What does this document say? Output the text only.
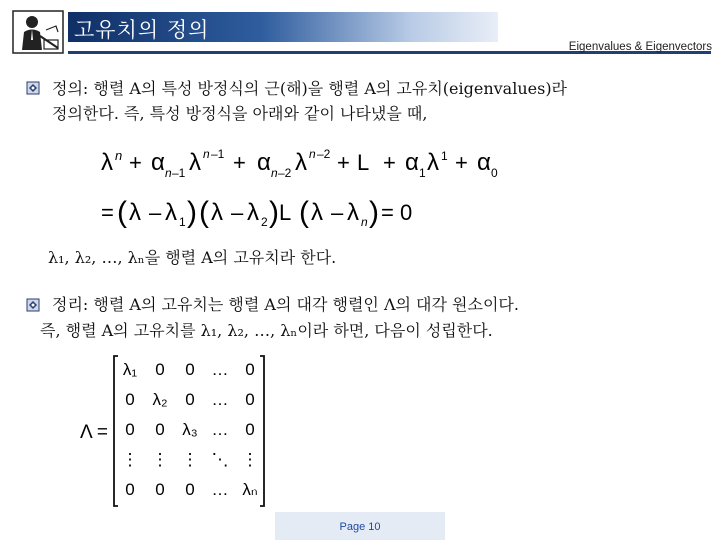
고유치의 정의
Eigenvalues & Eigenvectors
정의: 행렬 A의 특성 방정식의 근(해)을 행렬 A의 고유치(eigenvalues)라
정의한다. 즉, 특성 방정식을 아래와 같이 나타냈을 때,
λ n + α n –1 λ n –1 + α n –2 λ n –2 + L + α 1 λ 1 + α 0
= ( λ – λ 1 ) ( λ – λ 2 ) L ( λ – λ n ) = 0
λ₁, λ₂, …, λₙ을 행렬 A의 고유치라 한다.
정리: 행렬 A의 고유치는 행렬 A의 대각 행렬인 Λ의 대각 원소이다.
즉, 행렬 A의 고유치를 λ₁, λ₂, …, λₙ이라 하면, 다음이 성립한다.
Λ =
λ₁ 0 0 … 0
0 λ₂ 0 … 0
0 0 λ₃ … 0
⋮ ⋮ ⋮ ⋱ ⋮
0 0 0 … λₙ
Page 10
